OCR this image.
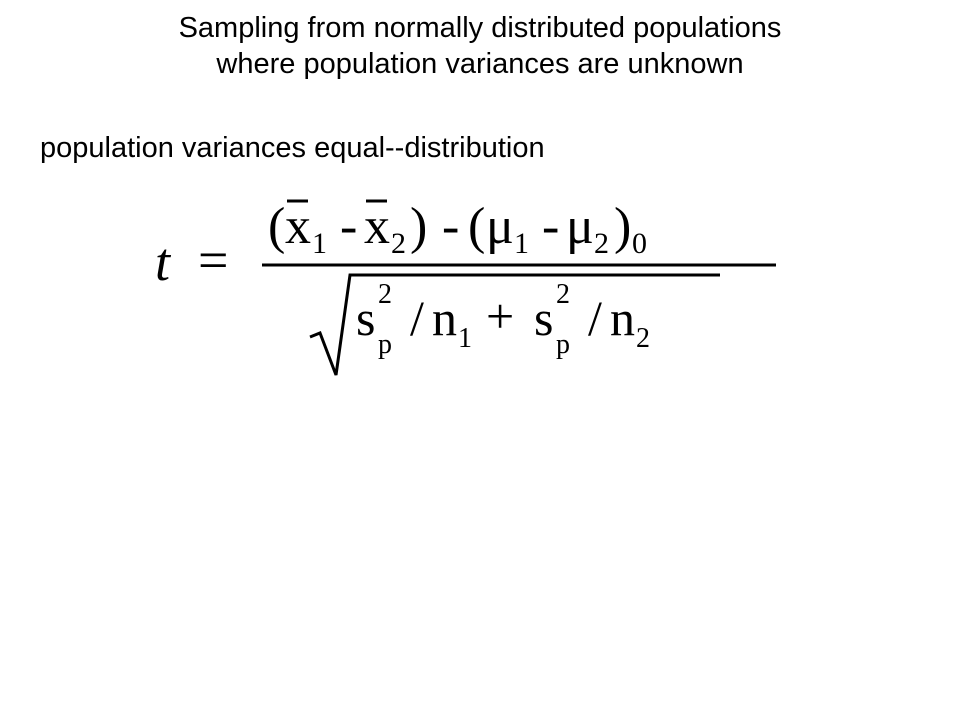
Sampling from normally distributed populations
where population variances are unknown

population variances equal--distribution

t =
( x 1 - x 2 ) - ( μ 1 - μ 2 ) 0
s 2
p / n 1 + s 2
p / n 2
